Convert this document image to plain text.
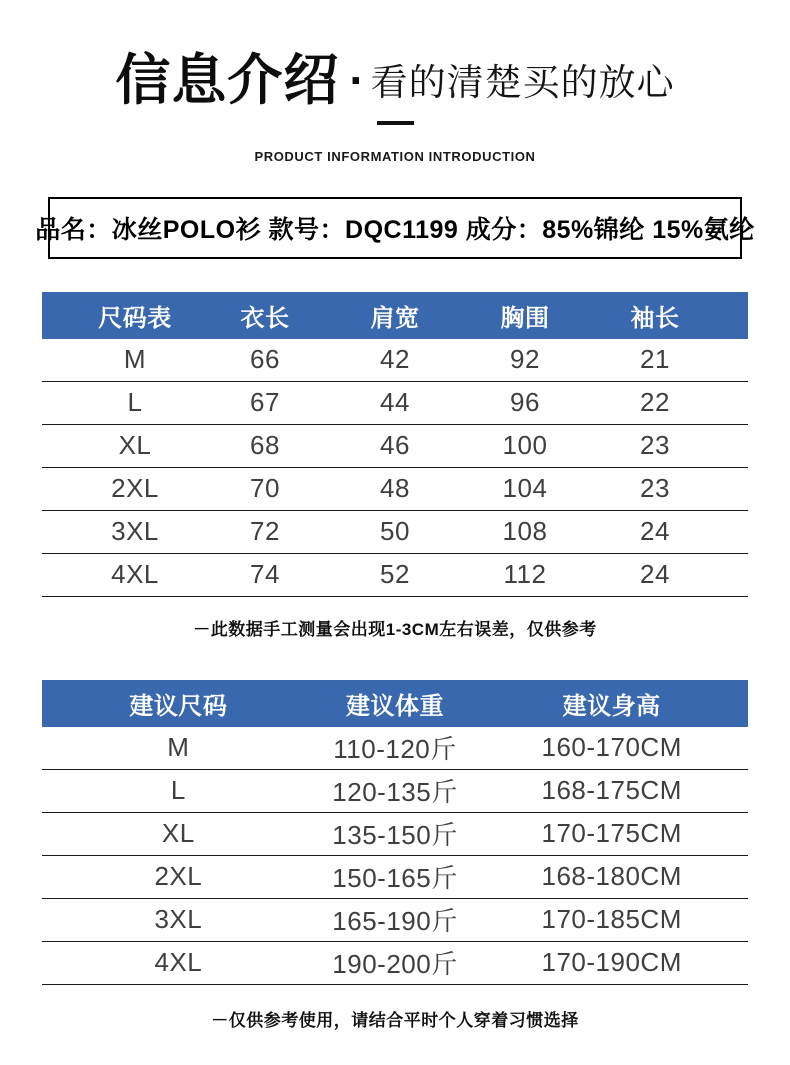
信息介绍 · 看的清楚买的放心
PRODUCT INFORMATION INTRODUCTION
品名：冰丝POLO衫 款号：DQC1199 成分：85%锦纶 15%氨纶
尺码表	衣长	肩宽	胸围	袖长
M	66	42	92	21
L	67	44	96	22
XL	68	46	100	23
2XL	70	48	104	23
3XL	72	50	108	24
4XL	74	52	112	24
－此数据手工测量会出现1-3CM左右误差，仅供参考
建议尺码	建议体重	建议身高
M	110-120斤	160-170CM
L	120-135斤	168-175CM
XL	135-150斤	170-175CM
2XL	150-165斤	168-180CM
3XL	165-190斤	170-185CM
4XL	190-200斤	170-190CM
－仅供参考使用，请结合平时个人穿着习惯选择
